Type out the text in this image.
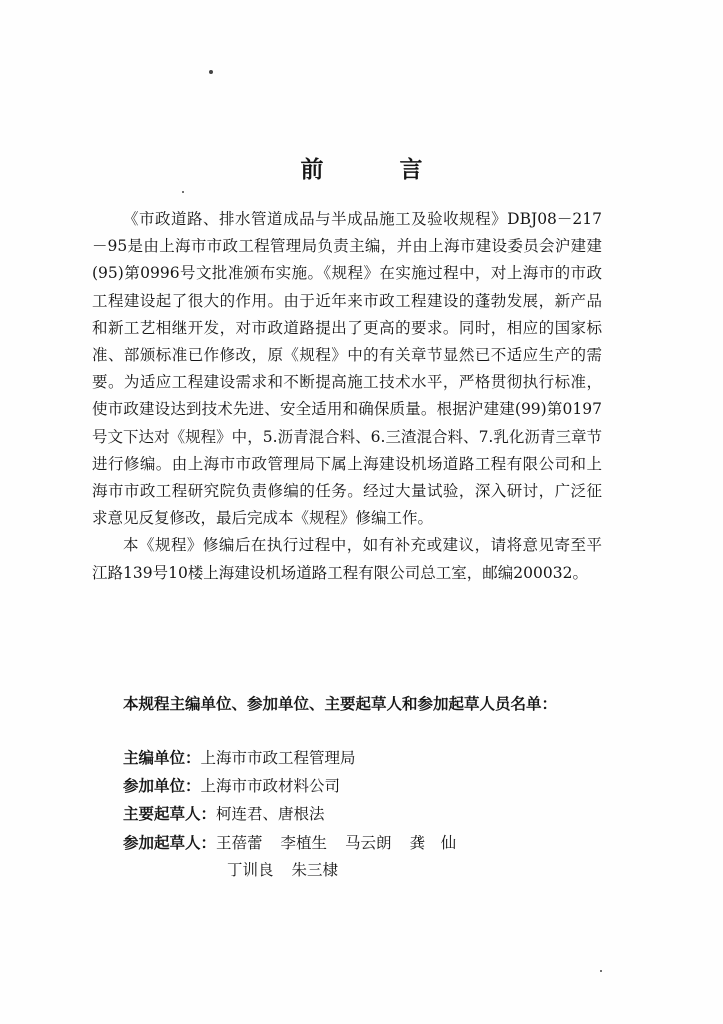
前 言

《市政道路、排水管道成品与半成品施工及验收规程》DBJ08－217－95是由上海市市政工程管理局负责主编，并由上海市建设委员会沪建建(95)第0996号文批准颁布实施。《规程》在实施过程中，对上海市的市政工程建设起了很大的作用。由于近年来市政工程建设的蓬勃发展，新产品和新工艺相继开发，对市政道路提出了更高的要求。同时，相应的国家标准、部颁标准已作修改，原《规程》中的有关章节显然已不适应生产的需要。为适应工程建设需求和不断提高施工技术水平，严格贯彻执行标准，使市政建设达到技术先进、安全适用和确保质量。根据沪建建(99)第0197号文下达对《规程》中，5.沥青混合料、6.三渣混合料、7.乳化沥青三章节进行修编。由上海市市政管理局下属上海建设机场道路工程有限公司和上海市市政工程研究院负责修编的任务。经过大量试验，深入研讨，广泛征求意见反复修改，最后完成本《规程》修编工作。

本《规程》修编后在执行过程中，如有补充或建议，请将意见寄至平江路139号10楼上海建设机场道路工程有限公司总工室，邮编200032。

本规程主编单位、参加单位、主要起草人和参加起草人员名单：
主编单位：上海市市政工程管理局
参加单位：上海市市政材料公司
主要起草人：柯连君、唐根法
参加起草人：王蓓蕾 李植生 马云朗 龚　仙
丁训良 朱三棣
